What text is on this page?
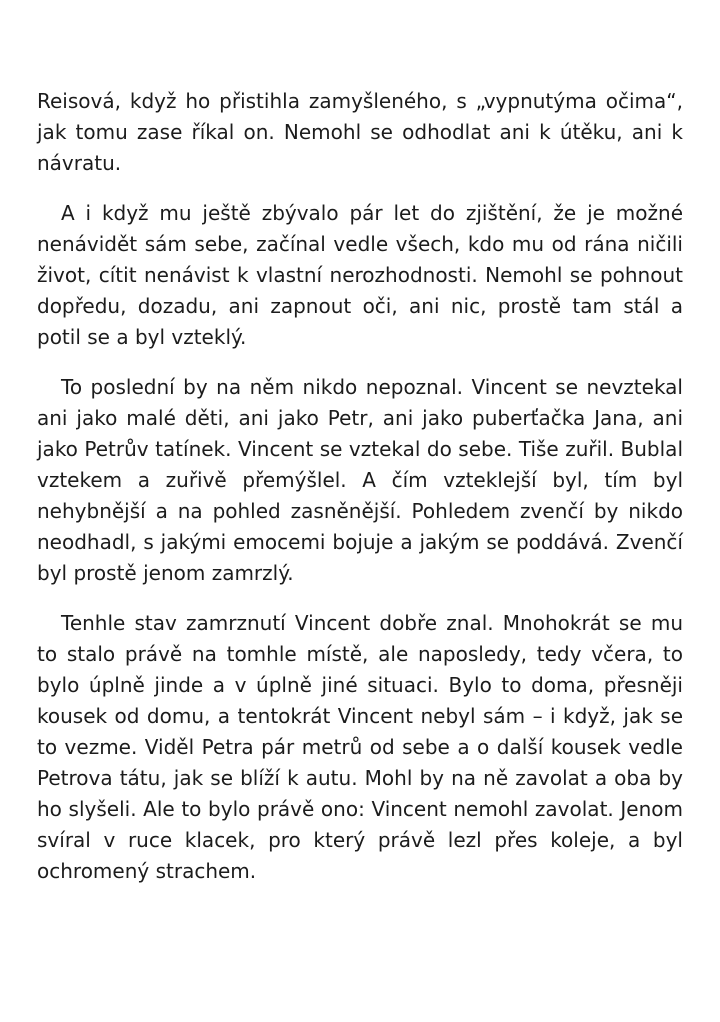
Reisová, když ho přistihla zamyšleného, s „vypnutýma očima“, jak tomu zase říkal on. Nemohl se odhodlat ani k útěku, ani k návratu.

A i když mu ještě zbývalo pár let do zjištění, že je možné nenávidět sám sebe, začínal vedle všech, kdo mu od rána ničili život, cítit nenávist k vlastní nerozhodnosti. Nemohl se pohnout dopředu, dozadu, ani zapnout oči, ani nic, prostě tam stál a potil se a byl vzteklý.

To poslední by na něm nikdo nepoznal. Vincent se nevztekal ani jako malé děti, ani jako Petr, ani jako puberťačka Jana, ani jako Petrův tatínek. Vincent se vztekal do sebe. Tiše zuřil. Bublal vztekem a zuřivě přemýšlel. A čím vzteklejší byl, tím byl nehybnější a na pohled zasněnější. Pohledem zvenčí by nikdo neodhadl, s jakými emocemi bojuje a jakým se poddává. Zvenčí byl prostě jenom zamrzlý.

Tenhle stav zamrznutí Vincent dobře znal. Mnohokrát se mu to stalo právě na tomhle místě, ale naposledy, tedy včera, to bylo úplně jinde a v úplně jiné situaci. Bylo to doma, přesněji kousek od domu, a tentokrát Vincent nebyl sám – i když, jak se to vezme. Viděl Petra pár metrů od sebe a o další kousek vedle Petrova tátu, jak se blíží k autu. Mohl by na ně zavolat a oba by ho slyšeli. Ale to bylo právě ono: Vincent nemohl zavolat. Jenom svíral v ruce klacek, pro který právě lezl přes koleje, a byl ochromený strachem.
